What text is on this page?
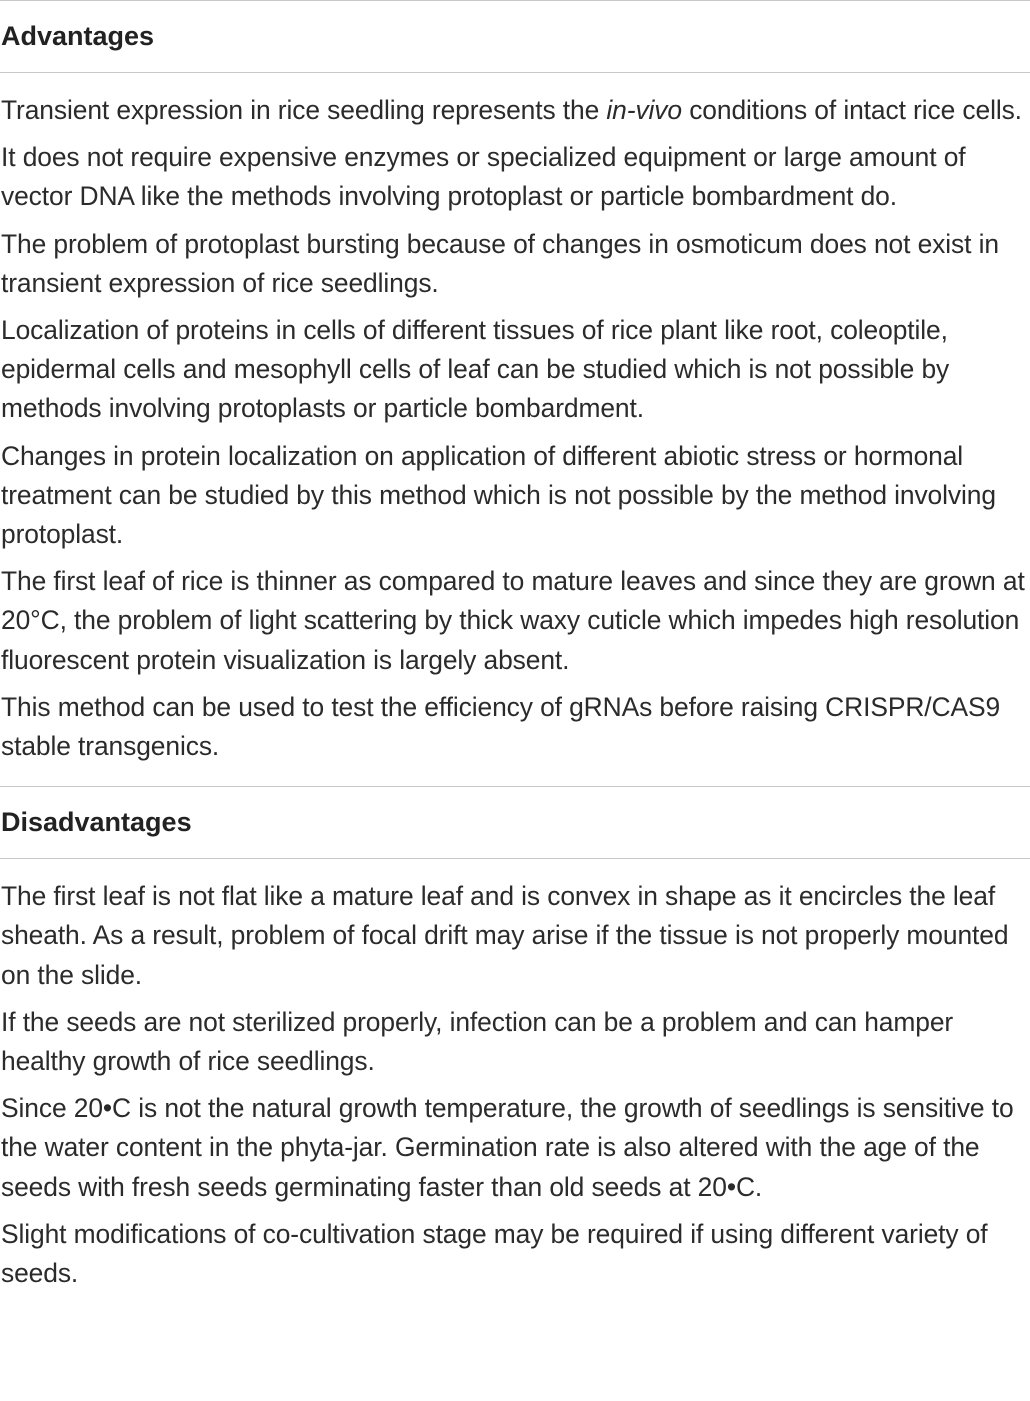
Advantages

Transient expression in rice seedling represents the in-vivo conditions of intact rice cells.

It does not require expensive enzymes or specialized equipment or large amount of vector DNA like the methods involving protoplast or particle bombardment do.

The problem of protoplast bursting because of changes in osmoticum does not exist in transient expression of rice seedlings.

Localization of proteins in cells of different tissues of rice plant like root, coleoptile, epidermal cells and mesophyll cells of leaf can be studied which is not possible by methods involving protoplasts or particle bombardment.

Changes in protein localization on application of different abiotic stress or hormonal treatment can be studied by this method which is not possible by the method involving protoplast.

The first leaf of rice is thinner as compared to mature leaves and since they are grown at 20°C, the problem of light scattering by thick waxy cuticle which impedes high resolution fluorescent protein visualization is largely absent.

This method can be used to test the efficiency of gRNAs before raising CRISPR/CAS9 stable transgenics.

Disadvantages

The first leaf is not flat like a mature leaf and is convex in shape as it encircles the leaf sheath. As a result, problem of focal drift may arise if the tissue is not properly mounted on the slide.

If the seeds are not sterilized properly, infection can be a problem and can hamper healthy growth of rice seedlings.

Since 20•C is not the natural growth temperature, the growth of seedlings is sensitive to the water content in the phyta-jar. Germination rate is also altered with the age of the seeds with fresh seeds germinating faster than old seeds at 20•C.

Slight modifications of co-cultivation stage may be required if using different variety of seeds.
